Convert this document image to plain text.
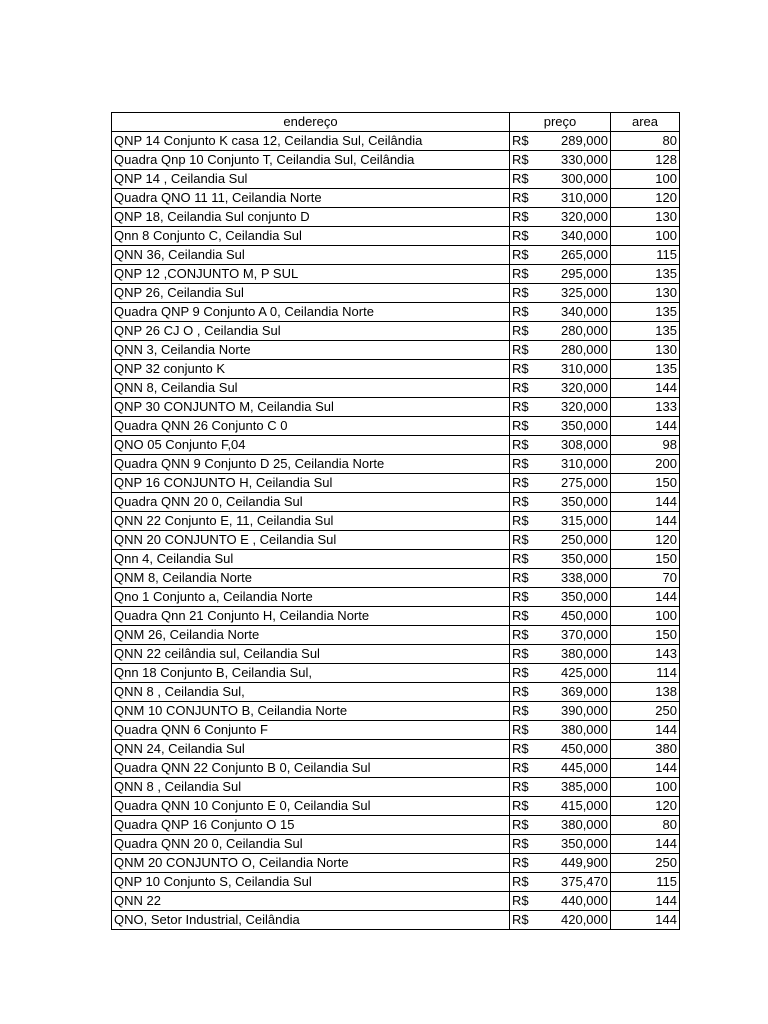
endereço	preço		area
QNP 14 Conjunto K casa 12, Ceilandia Sul, Ceilândia	R$	289,000	80
Quadra Qnp 10 Conjunto T, Ceilandia Sul, Ceilândia	R$	330,000	128
QNP 14 , Ceilandia Sul	R$	300,000	100
Quadra QNO 11 11, Ceilandia Norte	R$	310,000	120
QNP 18, Ceilandia Sul conjunto D	R$	320,000	130
Qnn 8 Conjunto C, Ceilandia Sul	R$	340,000	100
QNN 36, Ceilandia Sul	R$	265,000	115
QNP 12 ,CONJUNTO M, P SUL	R$	295,000	135
QNP 26, Ceilandia Sul	R$	325,000	130
Quadra QNP 9 Conjunto A 0, Ceilandia Norte	R$	340,000	135
QNP 26 CJ O , Ceilandia Sul	R$	280,000	135
QNN 3, Ceilandia Norte	R$	280,000	130
QNP 32 conjunto K	R$	310,000	135
QNN 8, Ceilandia Sul	R$	320,000	144
QNP 30 CONJUNTO M, Ceilandia Sul	R$	320,000	133
Quadra QNN 26 Conjunto C 0	R$	350,000	144
QNO 05 Conjunto F,04	R$	308,000	98
Quadra QNN 9 Conjunto D 25, Ceilandia Norte	R$	310,000	200
QNP 16 CONJUNTO H, Ceilandia Sul	R$	275,000	150
Quadra QNN 20 0, Ceilandia Sul	R$	350,000	144
QNN 22 Conjunto E, 11, Ceilandia Sul	R$	315,000	144
QNN 20 CONJUNTO E , Ceilandia Sul	R$	250,000	120
Qnn 4, Ceilandia Sul	R$	350,000	150
QNM 8, Ceilandia Norte	R$	338,000	70
Qno 1 Conjunto a, Ceilandia Norte	R$	350,000	144
Quadra Qnn 21 Conjunto H, Ceilandia Norte	R$	450,000	100
QNM 26, Ceilandia Norte	R$	370,000	150
QNN 22 ceilândia sul, Ceilandia Sul	R$	380,000	143
Qnn 18 Conjunto B, Ceilandia Sul,	R$	425,000	114
QNN 8 , Ceilandia Sul,	R$	369,000	138
QNM 10 CONJUNTO B, Ceilandia Norte	R$	390,000	250
Quadra QNN 6 Conjunto F	R$	380,000	144
QNN 24, Ceilandia Sul	R$	450,000	380
Quadra QNN 22 Conjunto B 0, Ceilandia Sul	R$	445,000	144
QNN 8 , Ceilandia Sul	R$	385,000	100
Quadra QNN 10 Conjunto E 0, Ceilandia Sul	R$	415,000	120
Quadra QNP 16 Conjunto O 15	R$	380,000	80
Quadra QNN 20 0, Ceilandia Sul	R$	350,000	144
QNM 20 CONJUNTO O, Ceilandia Norte	R$	449,900	250
QNP 10 Conjunto S, Ceilandia Sul	R$	375,470	115
QNN 22	R$	440,000	144
QNO, Setor Industrial, Ceilândia	R$	420,000	144
